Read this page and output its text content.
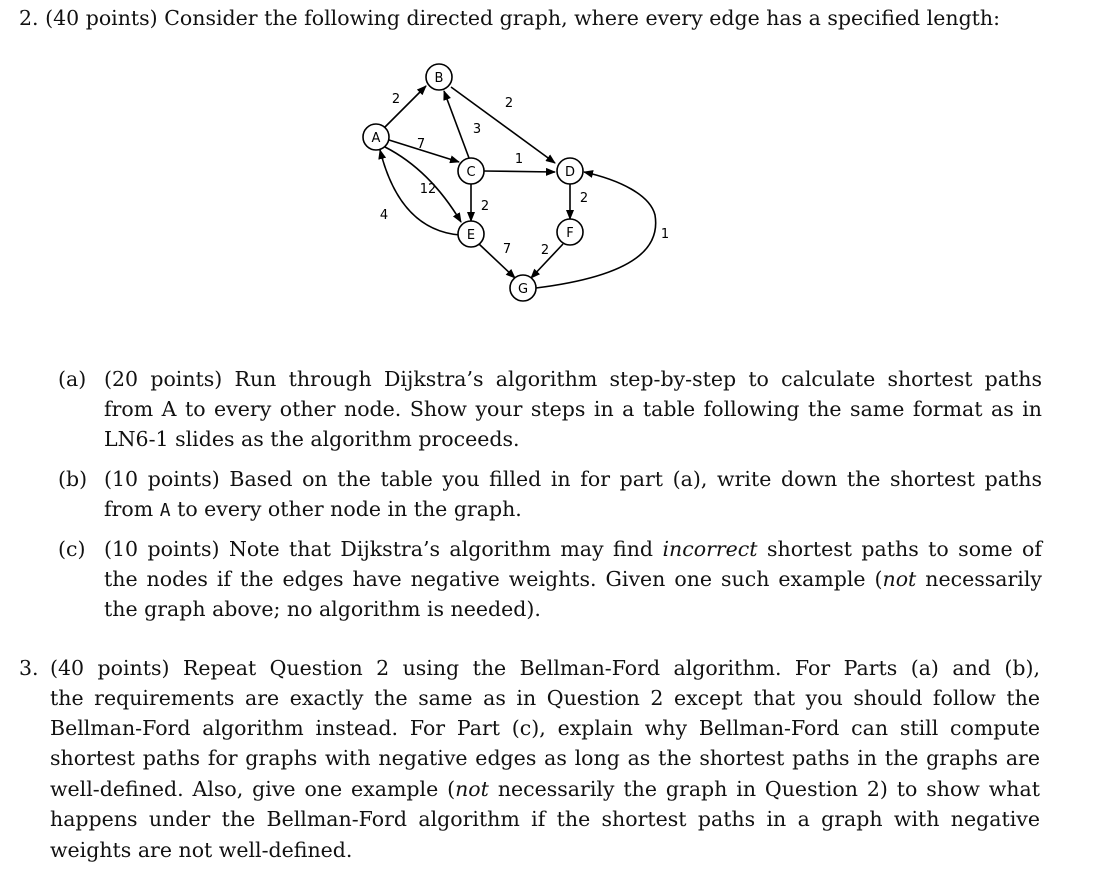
2. (40 points) Consider the following directed graph, where every edge has a specified length:
A
B
C	D
E	F
G
2	2
3
7
1
12
2
4
2
7 2
1
(a) (20 points) Run through Dijkstra’s algorithm step-by-step to calculate shortest paths
from A to every other node. Show your steps in a table following the same format as in
LN6-1 slides as the algorithm proceeds.
(b) (10 points) Based on the table you filled in for part (a), write down the shortest paths
from A to every other node in the graph.
(c) (10 points) Note that Dijkstra’s algorithm may find incorrect shortest paths to some of
the nodes if the edges have negative weights. Given one such example (not necessarily
the graph above; no algorithm is needed).
3. (40 points) Repeat Question 2 using the Bellman-Ford algorithm. For Parts (a) and (b),
the requirements are exactly the same as in Question 2 except that you should follow the
Bellman-Ford algorithm instead. For Part (c), explain why Bellman-Ford can still compute
shortest paths for graphs with negative edges as long as the shortest paths in the graphs are
well-defined. Also, give one example (not necessarily the graph in Question 2) to show what
happens under the Bellman-Ford algorithm if the shortest paths in a graph with negative
weights are not well-defined.
